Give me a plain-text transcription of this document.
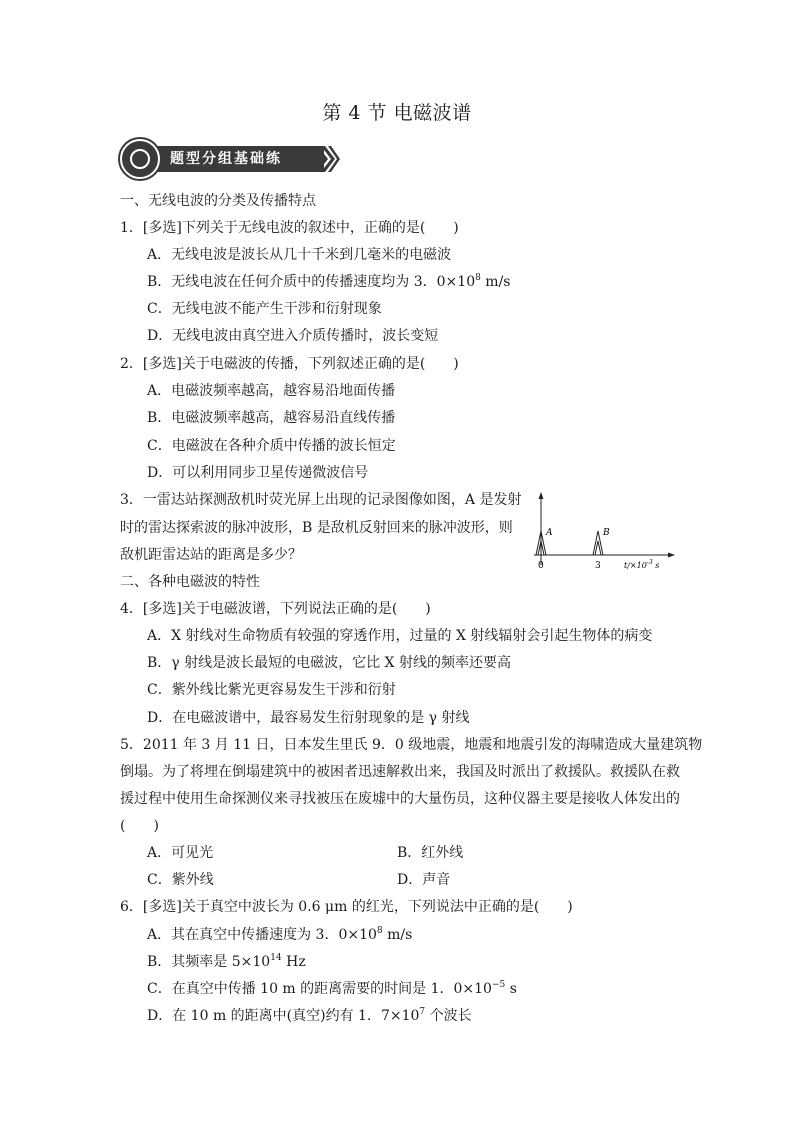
第 4 节 电磁波谱
题型分组基础练
一、无线电波的分类及传播特点
1．[多选]下列关于无线电波的叙述中，正确的是(　　)
A．无线电波是波长从几十千米到几毫米的电磁波
B．无线电波在任何介质中的传播速度均为 3．$0\times 10^8$ m/s
C．无线电波不能产生干涉和衍射现象
D．无线电波由真空进入介质传播时，波长变短
2．[多选]关于电磁波的传播，下列叙述正确的是(　　)
A．电磁波频率越高，越容易沿地面传播
B．电磁波频率越高，越容易沿直线传播
C．电磁波在各种介质中传播的波长恒定
D．可以利用同步卫星传递微波信号
3．一雷达站探测敌机时荧光屏上出现的记录图像如图，A 是发射
时的雷达探索波的脉冲波形，B 是敌机反射回来的脉冲波形，则
敌机距雷达站的距离是多少？
A	B
0	3	$t/\times 10^{-3}$ s
二、各种电磁波的特性
4．[多选]关于电磁波谱，下列说法正确的是(　　)
A．X 射线对生命物质有较强的穿透作用，过量的 X 射线辐射会引起生物体的病变
B．γ 射线是波长最短的电磁波，它比 X 射线的频率还要高
C．紫外线比紫光更容易发生干涉和衍射
D．在电磁波谱中，最容易发生衍射现象的是 γ 射线
5．2011 年 3 月 11 日，日本发生里氏 9．0 级地震，地震和地震引发的海啸造成大量建筑物
倒塌。为了将埋在倒塌建筑中的被困者迅速解救出来，我国及时派出了救援队。救援队在救
援过程中使用生命探测仪来寻找被压在废墟中的大量伤员，这种仪器主要是接收人体发出的
(　　)
A．可见光	B．红外线
C．紫外线	D．声音
6．[多选]关于真空中波长为 0.6 μm 的红光，下列说法中正确的是(　　)
A．其在真空中传播速度为 3．$0\times 10^8$ m/s
B．其频率是 $5\times 10^{14}$ Hz
C．在真空中传播 10 m 的距离需要的时间是 1．$0\times 10^{-5}$ s
D．在 10 m 的距离中(真空)约有 1．$7\times 10^7$ 个波长
